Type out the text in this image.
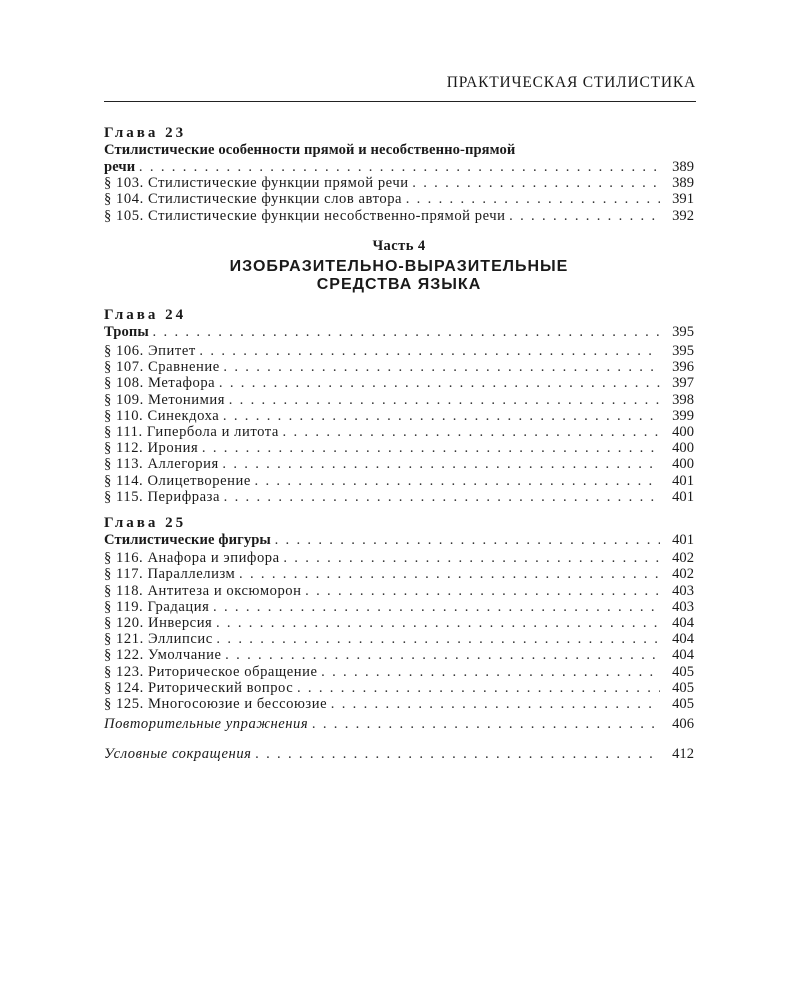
ПРАКТИЧЕСКАЯ СТИЛИСТИКА
Глава 23
Стилистические особенности прямой и несобственно-прямой
речи . .	389
§ 103. Стилистические функции прямой речи . .	389
§ 104. Стилистические функции слов автора . .	391
§ 105. Стилистические функции несобственно-прямой речи . .	392
Часть 4
ИЗОБРАЗИТЕЛЬНО-ВЫРАЗИТЕЛЬНЫЕ
СРЕДСТВА ЯЗЫКА
Глава 24
Тропы . .	395
§ 106. Эпитет . .	395
§ 107. Сравнение . .	396
§ 108. Метафора . .	397
§ 109. Метонимия . .	398
§ 110. Синекдоха . .	399
§ 111. Гипербола и литота . .	400
§ 112. Ирония . .	400
§ 113. Аллегория . .	400
§ 114. Олицетворение . .	401
§ 115. Перифраза . .	401
Глава 25
Стилистические фигуры . .	401
§ 116. Анафора и эпифора . .	402
§ 117. Параллелизм . .	402
§ 118. Антитеза и оксюморон . .	403
§ 119. Градация . .	403
§ 120. Инверсия . .	404
§ 121. Эллипсис . .	404
§ 122. Умолчание . .	404
§ 123. Риторическое обращение . .	405
§ 124. Риторический вопрос . .	405
§ 125. Многосоюзие и бессоюзие . .	405
Повторительные упражнения . .	406
Условные сокращения . .	412
